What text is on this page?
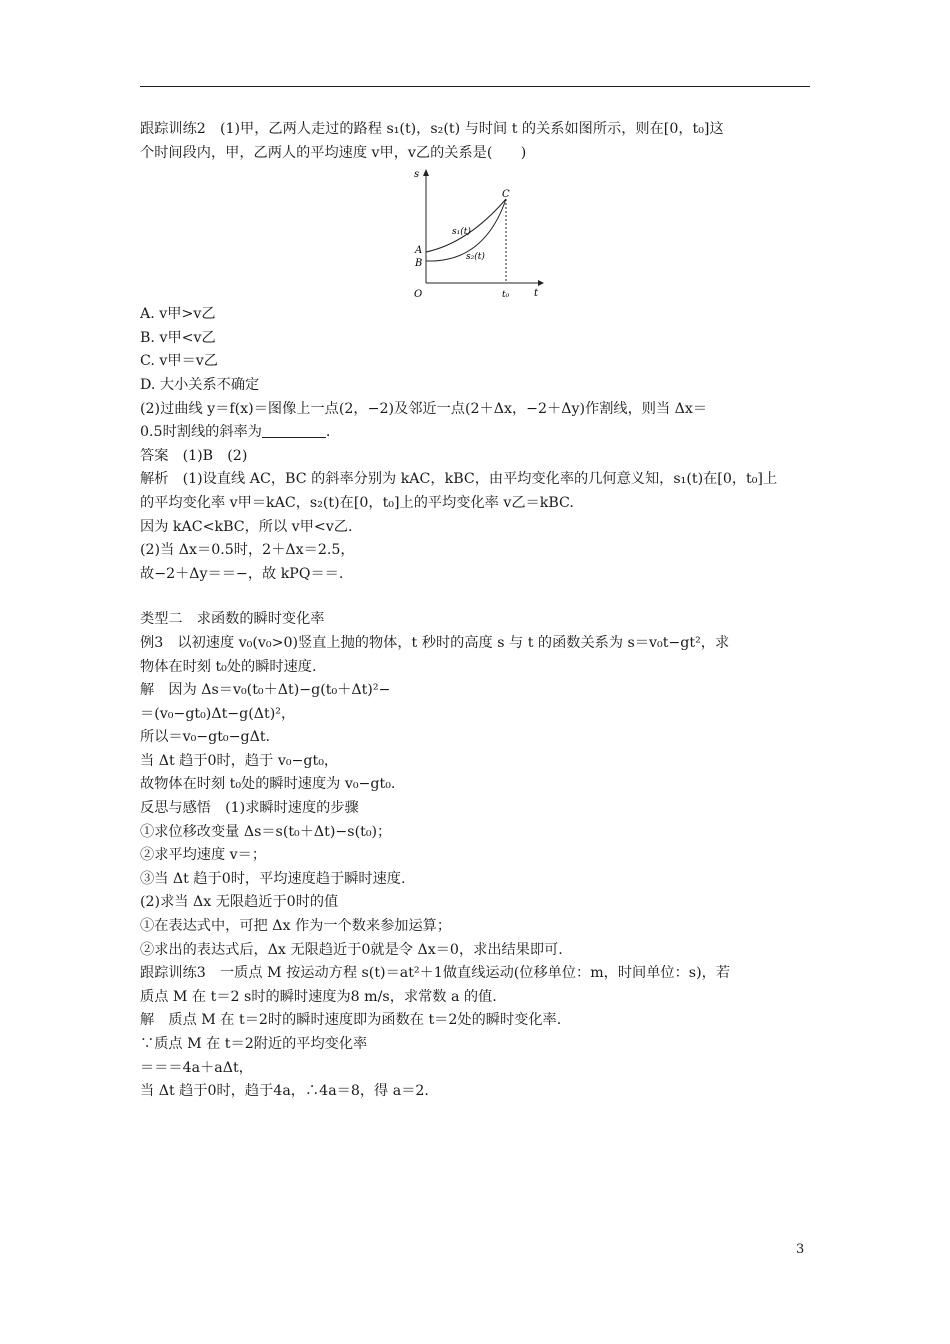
跟踪训练2　(1)甲，乙两人走过的路程 s₁(t)，s₂(t) 与时间 t 的关系如图所示，则在[0，t₀]这
个时间段内，甲，乙两人的平均速度 v甲，v乙的关系是(　　)
s
t
O	t₀
A
B
C
s₁(t)
s₂(t)
A. v甲>v乙
B. v甲<v乙
C. v甲＝v乙
D. 大小关系不确定
(2)过曲线 y＝f(x)＝图像上一点(2，−2)及邻近一点(2＋Δx，−2＋Δy)作割线，则当 Δx＝
0.5时割线的斜率为	.
答案　(1)B　(2)
解析　(1)设直线 AC，BC 的斜率分别为 kAC，kBC，由平均变化率的几何意义知，s₁(t)在[0，t₀]上
的平均变化率 v甲＝kAC，s₂(t)在[0，t₀]上的平均变化率 v乙＝kBC.
因为 kAC<kBC，所以 v甲<v乙.
(2)当 Δx＝0.5时，2＋Δx＝2.5，
故−2＋Δy＝＝−，故 kPQ＝＝.
类型二　求函数的瞬时变化率
例3　以初速度 v₀(v₀>0)竖直上抛的物体，t 秒时的高度 s 与 t 的函数关系为 s＝v₀t−gt²，求
物体在时刻 t₀处的瞬时速度.
解　因为 Δs＝v₀(t₀＋Δt)−g(t₀＋Δt)²−
＝(v₀−gt₀)Δt−g(Δt)²，
所以＝v₀−gt₀−gΔt.
当 Δt 趋于0时，趋于 v₀−gt₀，
故物体在时刻 t₀处的瞬时速度为 v₀−gt₀.
反思与感悟　(1)求瞬时速度的步骤
①求位移改变量 Δs＝s(t₀＋Δt)−s(t₀)；
②求平均速度 v＝；
③当 Δt 趋于0时，平均速度趋于瞬时速度.
(2)求当 Δx 无限趋近于0时的值
①在表达式中，可把 Δx 作为一个数来参加运算；
②求出的表达式后，Δx 无限趋近于0就是令 Δx＝0，求出结果即可.
跟踪训练3　一质点 M 按运动方程 s(t)＝at²＋1做直线运动(位移单位：m，时间单位：s)，若
质点 M 在 t＝2 s时的瞬时速度为8 m/s，求常数 a 的值.
解　质点 M 在 t＝2时的瞬时速度即为函数在 t＝2处的瞬时变化率.
∵质点 M 在 t＝2附近的平均变化率
＝＝＝4a＋aΔt，
当 Δt 趋于0时，趋于4a，∴4a＝8，得 a＝2.
3
